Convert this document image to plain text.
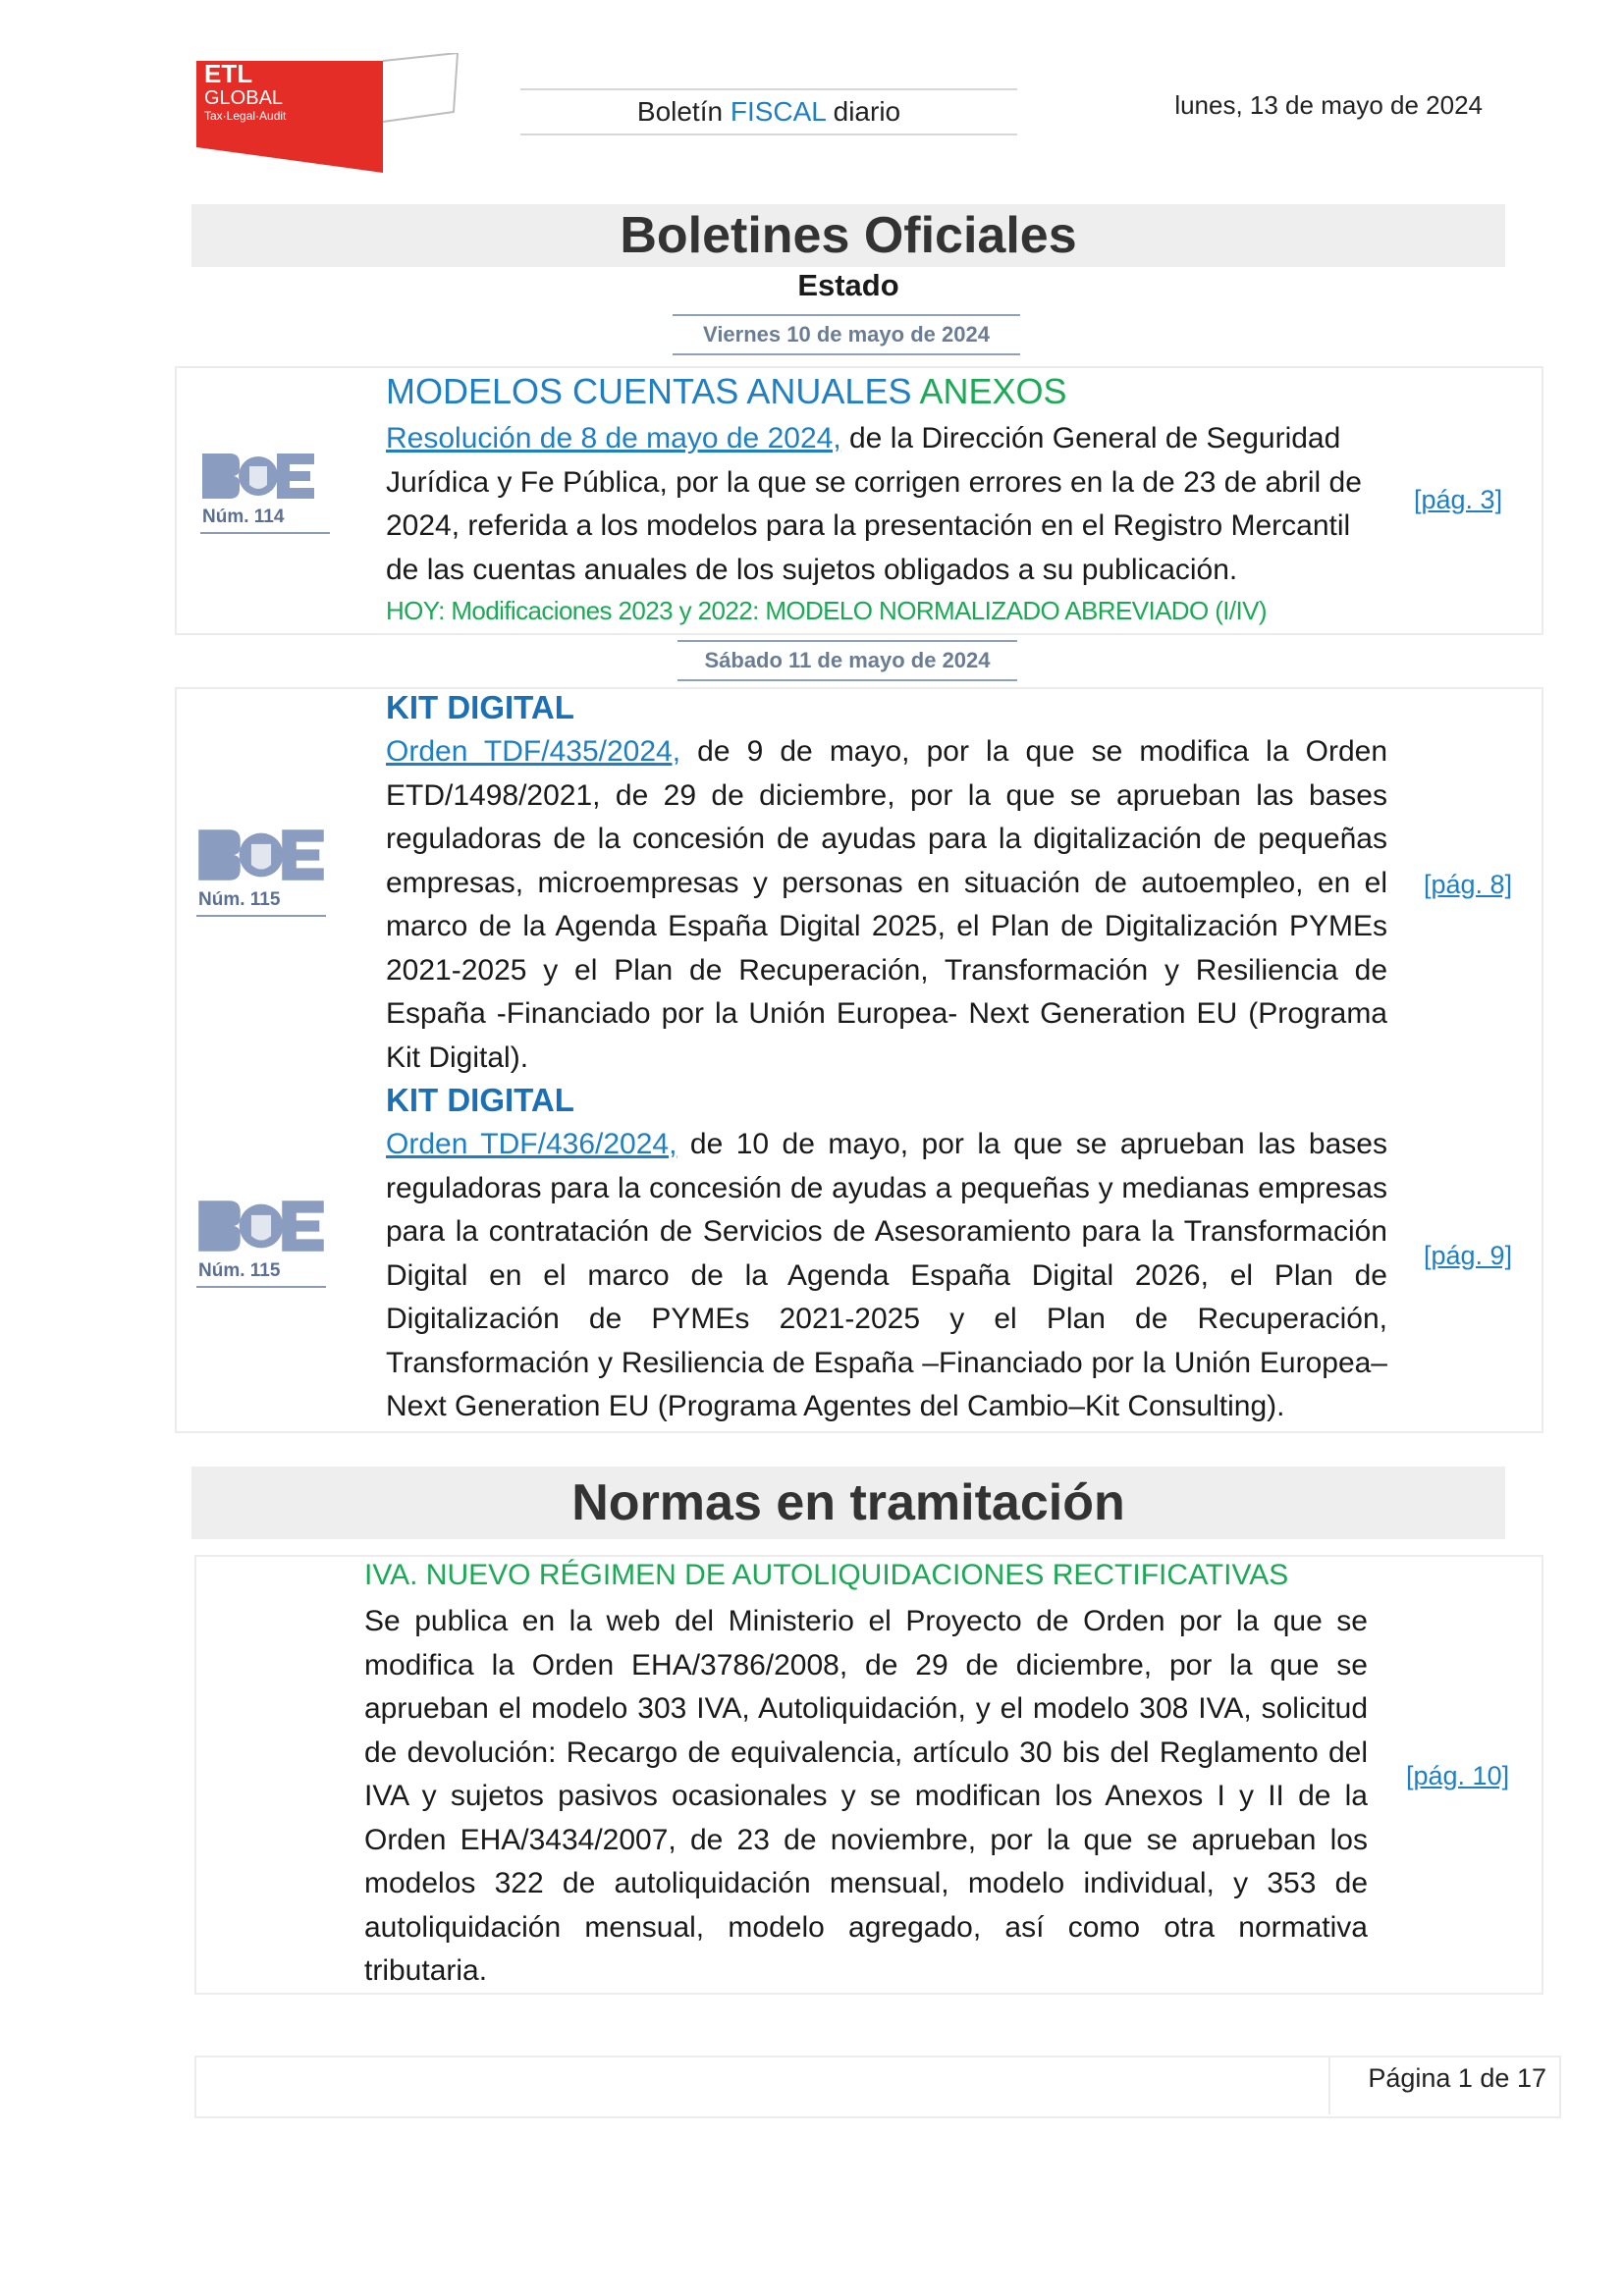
ETL
GLOBAL
Tax·Legal·Audit	Boletín FISCAL diario	lunes, 13 de mayo de 2024
Boletines Oficiales
Estado
Viernes 10 de mayo de 2024
Núm. 114
MODELOS CUENTAS ANUALES ANEXOS
Resolución de 8 de mayo de 2024, de la Dirección General de Seguridad Jurídica y Fe Pública, por la que se corrigen errores en la de 23 de abril de 2024, referida a los modelos para la presentación en el Registro Mercantil de las cuentas anuales de los sujetos obligados a su publicación.
HOY: Modificaciones 2023 y 2022: MODELO NORMALIZADO ABREVIADO (I/IV)
[pág. 3]
Sábado 11 de mayo de 2024
Núm. 115
KIT DIGITAL
Orden TDF/435/2024, de 9 de mayo, por la que se modifica la Orden ETD/1498/2021, de 29 de diciembre, por la que se aprueban las bases reguladoras de la concesión de ayudas para la digitalización de pequeñas empresas, microempresas y personas en situación de autoempleo, en el marco de la Agenda España Digital 2025, el Plan de Digitalización PYMEs 2021-2025 y el Plan de Recuperación, Transformación y Resiliencia de España -Financiado por la Unión Europea- Next Generation EU (Programa Kit Digital).
[pág. 8]
Núm. 115
KIT DIGITAL
Orden TDF/436/2024, de 10 de mayo, por la que se aprueban las bases reguladoras para la concesión de ayudas a pequeñas y medianas empresas para la contratación de Servicios de Asesoramiento para la Transformación Digital en el marco de la Agenda España Digital 2026, el Plan de Digitalización de PYMEs 2021-2025 y el Plan de Recuperación, Transformación y Resiliencia de España –Financiado por la Unión Europea– Next Generation EU (Programa Agentes del Cambio–Kit Consulting).
[pág. 9]
Normas en tramitación
IVA. NUEVO RÉGIMEN DE AUTOLIQUIDACIONES RECTIFICATIVAS
Se publica en la web del Ministerio el Proyecto de Orden por la que se modifica la Orden EHA/3786/2008, de 29 de diciembre, por la que se aprueban el modelo 303 IVA, Autoliquidación, y el modelo 308 IVA, solicitud de devolución: Recargo de equivalencia, artículo 30 bis del Reglamento del IVA y sujetos pasivos ocasionales y se modifican los Anexos I y II de la Orden EHA/3434/2007, de 23 de noviembre, por la que se aprueban los modelos 322 de autoliquidación mensual, modelo individual, y 353 de autoliquidación mensual, modelo agregado, así como otra normativa tributaria.
[pág. 10]
Página 1 de 17
